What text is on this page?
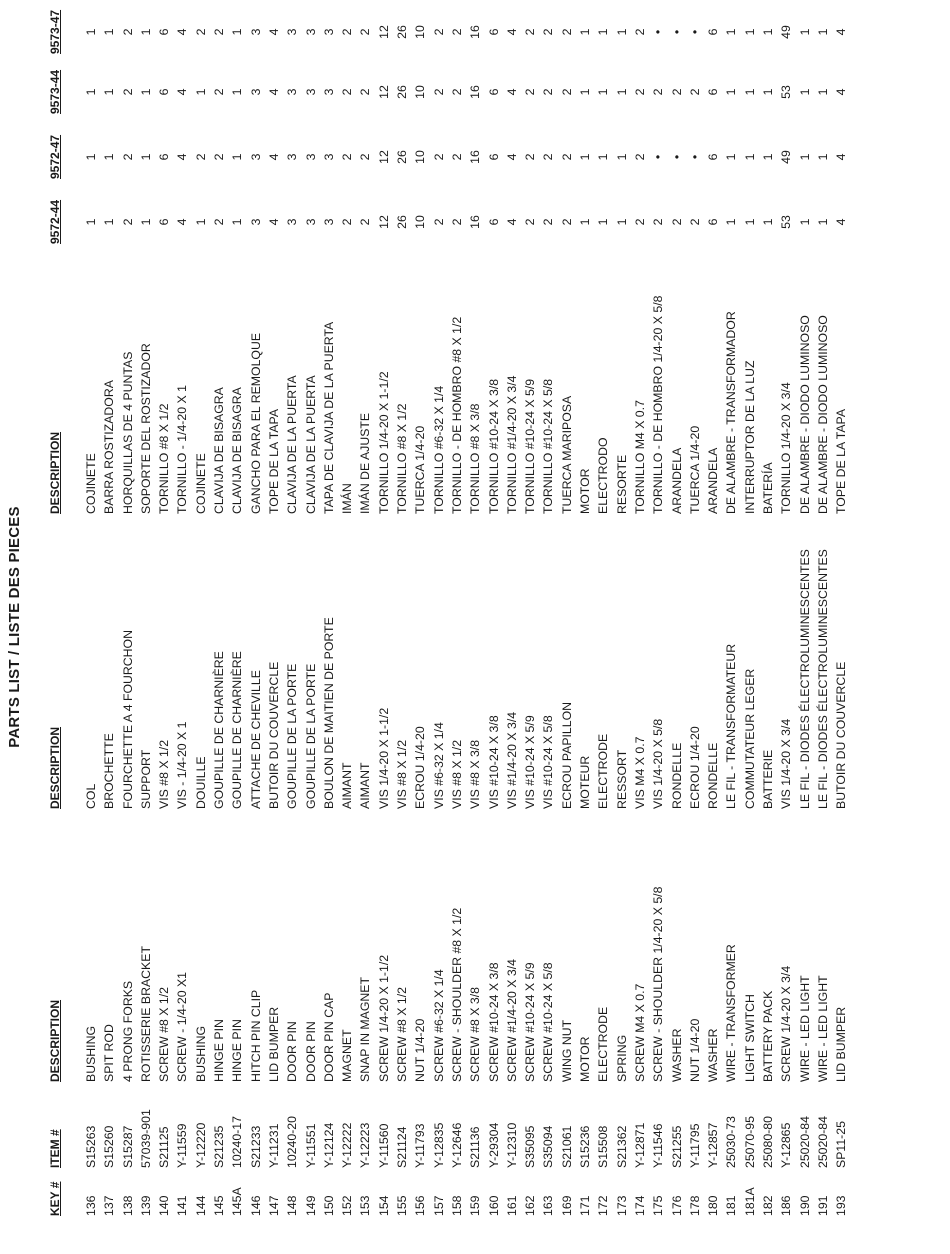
PARTS LIST / LISTE DES PIECES
KEY #
ITEM #
DESCRIPTION
DESCRIPTION
DESCRIPTION
9572-44
9572-47
9573-44
9573-47
136
S15263
BUSHING
COL
COJINETE
1
1
1
1
137
S15260
SPIT ROD
BROCHETTE
BARRA ROSTIZADORA
1
1
1
1
138
S15287
4 PRONG FORKS
FOURCHETTE A 4 FOURCHON
HORQUILLAS DE 4 PUNTAS
2
2
2
2
139
57039-901
ROTISSERIE BRACKET
SUPPORT
SOPORTE DEL ROSTIZADOR
1
1
1
1
140
S21125
SCREW #8 X 1/2
VIS #8 X 1/2
TORNILLO #8 X 1/2
6
6
6
6
141
Y-11559
SCREW - 1/4-20 X1
VIS - 1/4-20 X 1
TORNILLO - 1/4-20 X 1
4
4
4
4
144
Y-12220
BUSHING
DOUILLE
COJINETE
1
2
1
2
145
S21235
HINGE PIN
GOUPILLE DE CHARNIÈRE
CLAVIJA DE BISAGRA
2
2
2
2
145A
10240-17
HINGE PIN
GOUPILLE DE CHARNIÈRE
CLAVIJA DE BISAGRA
1
1
1
1
146
S21233
HITCH PIN CLIP
ATTACHE DE CHEVILLE
GANCHO PARA EL REMOLQUE
3
3
3
3
147
Y-11231
LID BUMPER
BUTOIR DU COUVERCLE
TOPE DE LA TAPA
4
4
4
4
148
10240-20
DOOR PIN
GOUPILLE DE LA PORTE
CLAVIJA DE LA PUERTA
3
3
3
3
149
Y-11551
DOOR PIN
GOUPILLE DE LA PORTE
CLAVIJA DE LA PUERTA
3
3
3
3
150
Y-12124
DOOR PIN CAP
BOULON DE MAITIEN DE PORTE
TAPA DE CLAVIJA DE LA PUERTA
3
3
3
3
152
Y-12222
MAGNET
AIMANT
IMÁN
2
2
2
2
153
Y-12223
SNAP IN MAGNET
AIMANT
IMÁN DE AJUSTE
2
2
2
2
154
Y-11560
SCREW 1/4-20 X 1-1/2
VIS 1/4-20 X 1-1/2
TORNILLO 1/4-20 X 1-1/2
12
12
12
12
155
S21124
SCREW #8 X 1/2
VIS #8 X 1/2
TORNILLO #8 X 1/2
26
26
26
26
156
Y-11793
NUT 1/4-20
ECROU 1/4-20
TUERCA 1/4-20
10
10
10
10
157
Y-12835
SCREW #6-32 X 1/4
VIS #6-32 X 1/4
TORNILLO #6-32 X 1/4
2
2
2
2
158
Y-12646
SCREW - SHOULDER #8 X 1/2
VIS #8 X 1/2
TORNILLO - DE HOMBRO #8 X 1/2
2
2
2
2
159
S21136
SCREW #8 X 3/8
VIS #8 X 3/8
TORNILLO #8 X 3/8
16
16
16
16
160
Y-29304
SCREW #10-24 X 3/8
VIS #10-24 X 3/8
TORNILLO #10-24 X 3/8
6
6
6
6
161
Y-12310
SCREW #1/4-20 X 3/4
VIS #1/4-20 X 3/4
TORNILLO #1/4-20 X 3/4
4
4
4
4
162
S35095
SCREW #10-24 X 5/9
VIS #10-24 X 5/9
TORNILLO #10-24 X 5/9
2
2
2
2
163
S35094
SCREW #10-24 X 5/8
VIS #10-24 X 5/8
TORNILLO #10-24 X 5/8
2
2
2
2
169
S21061
WING NUT
ECROU PAPILLON
TUERCA MARIPOSA
2
2
2
2
171
S15236
MOTOR
MOTEUR
MOTOR
1
1
1
1
172
S15508
ELECTRODE
ELECTRODE
ELECTRODO
1
1
1
1
173
S21362
SPRING
RESSORT
RESORTE
1
1
1
1
174
Y-12871
SCREW M4 X 0.7
VIS M4 X 0.7
TORNILLO M4 X 0.7
2
2
2
2
175
Y-11546
SCREW - SHOULDER 1/4-20 X 5/8
VIS 1/4-20 X 5/8
TORNILLO - DE HOMBRO 1/4-20 X 5/8
2
•
2
•
176
S21255
WASHER
RONDELLE
ARANDELA
2
•
2
•
178
Y-11795
NUT 1/4-20
ECROU 1/4-20
TUERCA 1/4-20
2
•
2
•
180
Y-12857
WASHER
RONDELLE
ARANDELA
6
6
6
6
181
25030-73
WIRE - TRANSFORMER
LE FIL - TRANSFORMATEUR
DE ALAMBRE - TRANSFORMADOR
1
1
1
1
181A
25070-95
LIGHT SWITCH
COMMUTATEUR LEGER
INTERRUPTOR DE LA LUZ
1
1
1
1
182
25080-80
BATTERY PACK
BATTERIE
BATERÍA
1
1
1
1
186
Y-12865
SCREW 1/4-20 X 3/4
VIS 1/4-20 X 3/4
TORNILLO 1/4-20 X 3/4
53
49
53
49
190
25020-84
WIRE - LED LIGHT
LE FIL - DIODES ÉLECTROLUMINESCENTES
DE ALAMBRE - DIODO LUMINOSO
1
1
1
1
191
25020-84
WIRE - LED LIGHT
LE FIL - DIODES ÉLECTROLUMINESCENTES
DE ALAMBRE - DIODO LUMINOSO
1
1
1
1
193
SP11-25
LID BUMPER
BUTOIR DU COUVERCLE
TOPE DE LA TAPA
4
4
4
4
